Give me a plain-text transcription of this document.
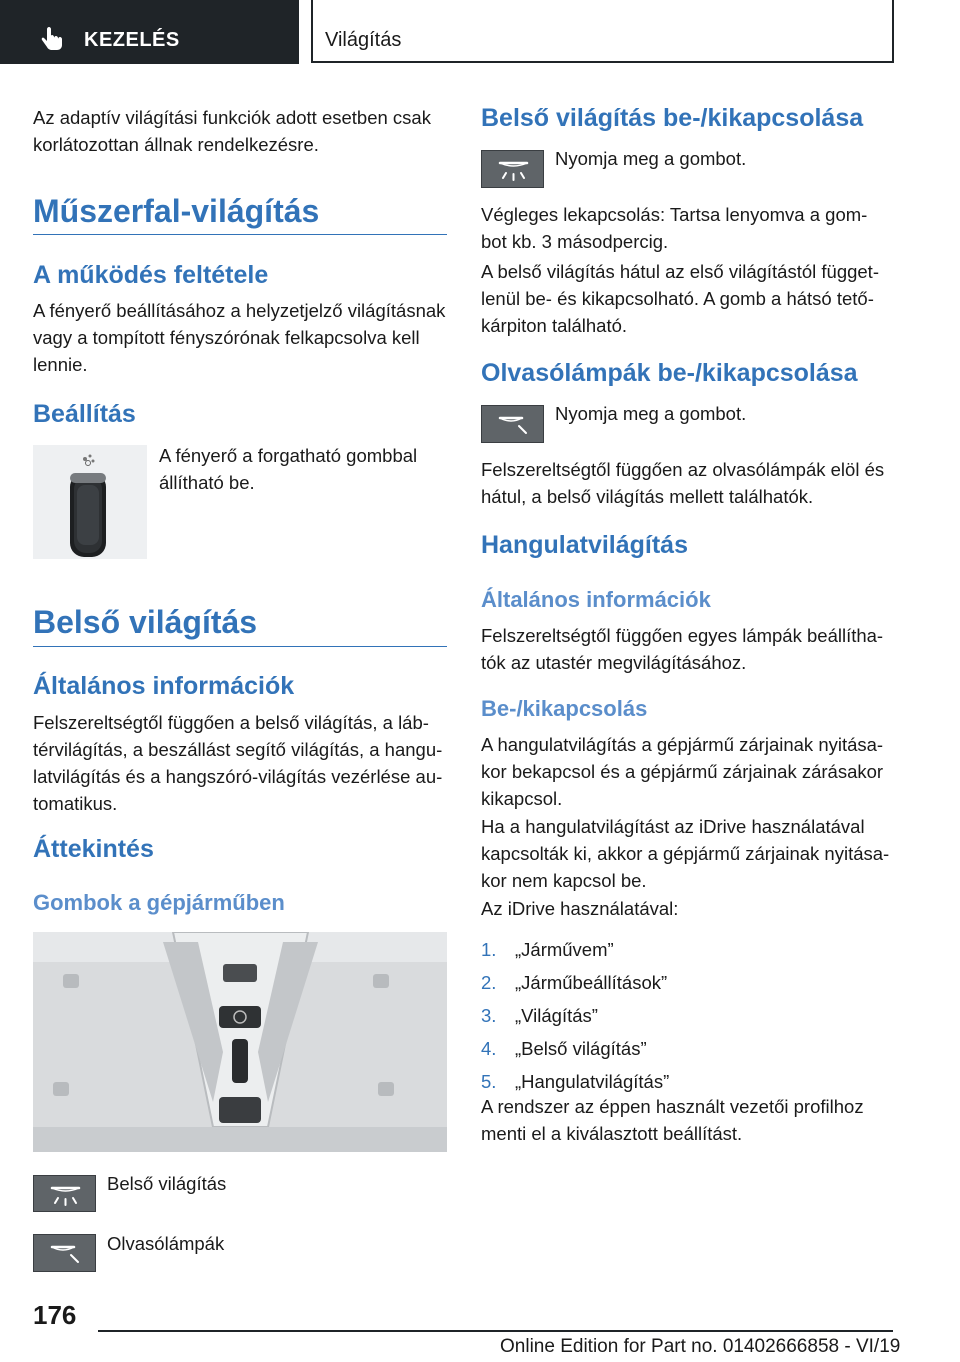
KEZELÉS	Világítás
Az adaptív világítási funkciók adott esetben csak
korlátozottan állnak rendelkezésre.
Műszerfal-világítás
A működés feltétele
A fényerő beállításához a helyzetjelző világításnak
vagy a tompított fényszórónak felkapcsolva kell
lennie.
Beállítás
A fényerő a forgatható gombbal
állítható be.
Belső világítás
Általános információk
Felszereltségtől függően a belső világítás, a láb-
térvilágítás, a beszállást segítő világítás, a hangu-
latvilágítás és a hangszóró-világítás vezérlése au-
tomatikus.
Áttekintés
Gombok a gépjárműben
Belső világítás
Olvasólámpák
Belső világítás be-/kikapcsolása
Nyomja meg a gombot.
Végleges lekapcsolás: Tartsa lenyomva a gom-
bot kb. 3 másodpercig.
A belső világítás hátul az első világítástól függet-
lenül be- és kikapcsolható. A gomb a hátsó tető-
kárpiton található.
Olvasólámpák be-/kikapcsolása
Nyomja meg a gombot.
Felszereltségtől függően az olvasólámpák elöl és
hátul, a belső világítás mellett találhatók.
Hangulatvilágítás
Általános információk
Felszereltségtől függően egyes lámpák beállítha-
tók az utastér megvilágításához.
Be-/kikapcsolás
A hangulatvilágítás a gépjármű zárjainak nyitása-
kor bekapcsol és a gépjármű zárjainak zárásakor
kikapcsol.
Ha a hangulatvilágítást az iDrive használatával
kapcsolták ki, akkor a gépjármű zárjainak nyitása-
kor nem kapcsol be.
Az iDrive használatával:
1. „Járművem”
2. „Járműbeállítások”
3. „Világítás”
4. „Belső világítás”
5. „Hangulatvilágítás”
A rendszer az éppen használt vezetői profilhoz
menti el a kiválasztott beállítást.
176
Online Edition for Part no. 01402666858 - VI/19
